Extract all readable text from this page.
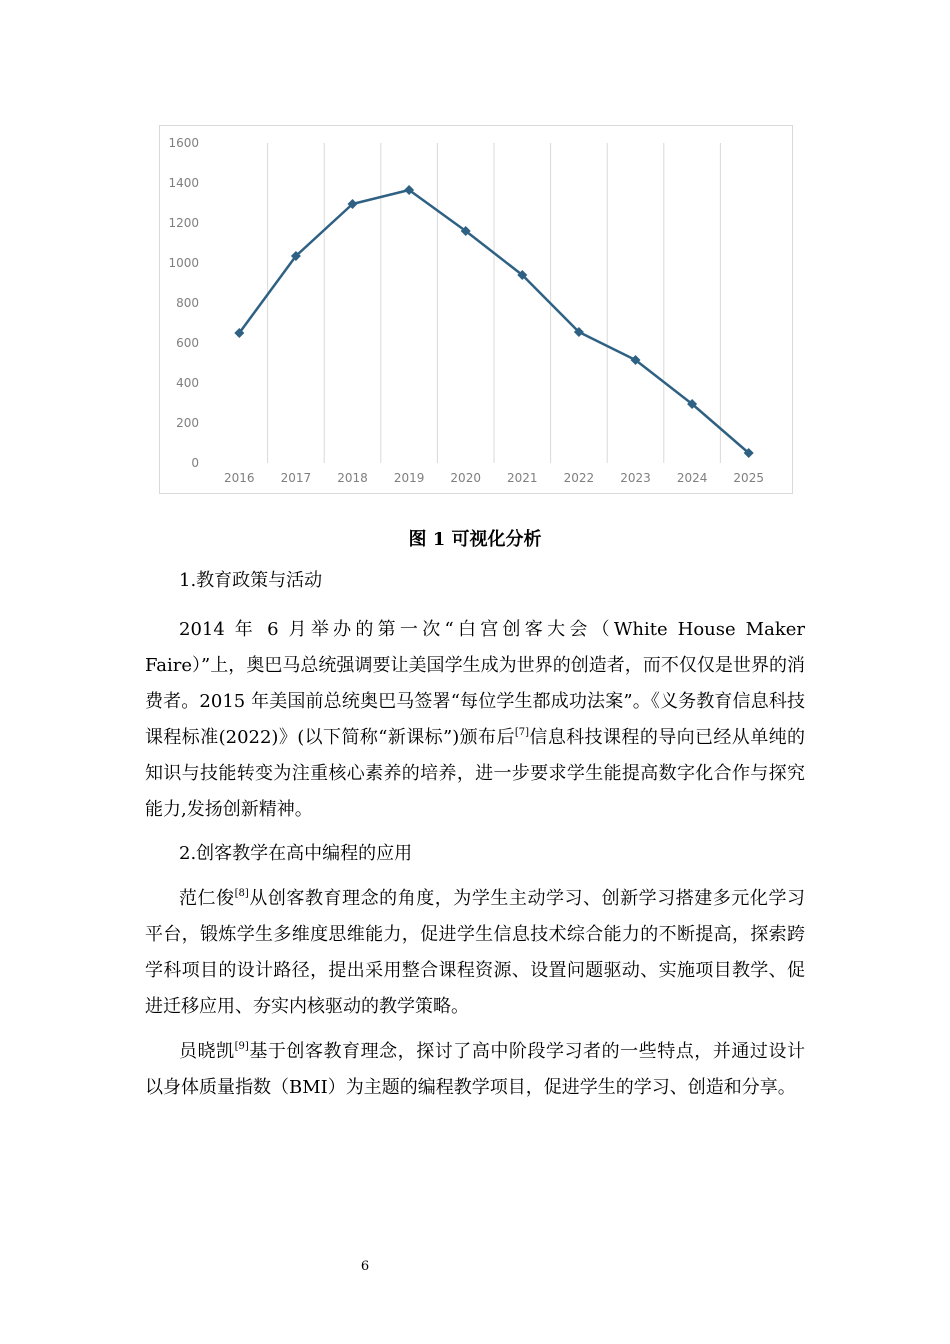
0
200
400
600
800
1000
1200
1400
1600
2016 2017 2018 2019 2020 2021 2022 2023 2024 2025
图 1 可视化分析
1.教育政策与活动

2014 年 6 月举办的第一次“白宫创客大会（White House Maker Faire）”上，奥巴马总统强调要让美国学生成为世界的创造者，而不仅仅是世界的消费者。2015 年美国前总统奥巴马签署“每位学生都成功法案”。《义务教育信息科技课程标准(2022)》(以下简称“新课标”)颁布后[7]信息科技课程的导向已经从单纯的知识与技能转变为注重核心素养的培养，进一步要求学生能提高数字化合作与探究能力,发扬创新精神。

2.创客教学在高中编程的应用

范仁俊[8]从创客教育理念的角度，为学生主动学习、创新学习搭建多元化学习平台，锻炼学生多维度思维能力，促进学生信息技术综合能力的不断提高，探索跨学科项目的设计路径，提出采用整合课程资源、设置问题驱动、实施项目教学、促进迁移应用、夯实内核驱动的教学策略。

员晓凯[9]基于创客教育理念，探讨了高中阶段学习者的一些特点，并通过设计以身体质量指数（BMI）为主题的编程教学项目，促进学生的学习、创造和分享。

6
